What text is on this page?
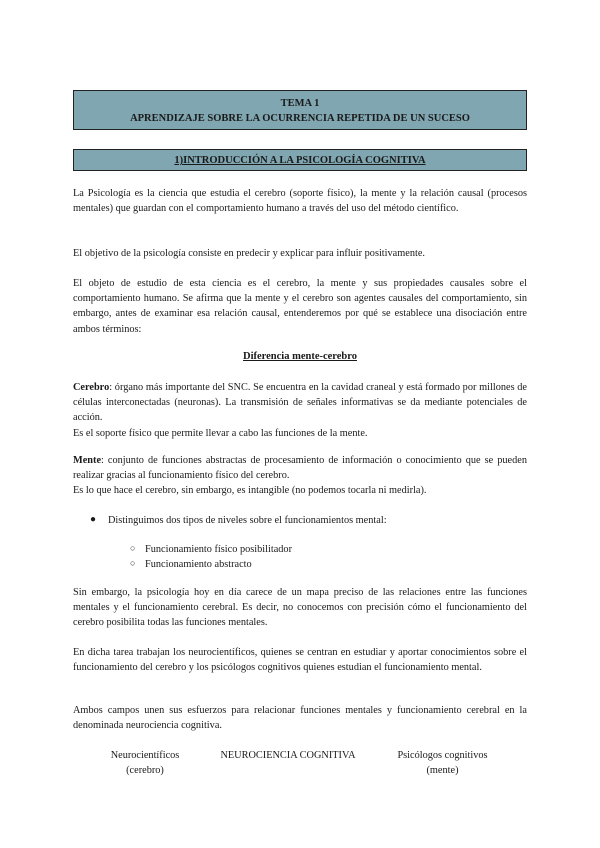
TEMA 1
APRENDIZAJE SOBRE LA OCURRENCIA REPETIDA DE UN SUCESO
1)INTRODUCCIÓN A LA PSICOLOGÍA COGNITIVA

La Psicología es la ciencia que estudia el cerebro (soporte físico), la mente y la relación causal (procesos mentales) que guardan con el comportamiento humano a través del uso del método científico.

El objetivo de la psicología consiste en predecir y explicar para influir positivamente.

El objeto de estudio de esta ciencia es el cerebro, la mente y sus propiedades causales sobre el comportamiento humano. Se afirma que la mente y el cerebro son agentes causales del comportamiento, sin embargo, antes de examinar esa relación causal, entenderemos por qué se establece una disociación entre ambos términos:

Diferencia mente-cerebro

Cerebro: órgano más importante del SNC. Se encuentra en la cavidad craneal y está formado por millones de células interconectadas (neuronas). La transmisión de señales informativas se da mediante potenciales de acción.
Es el soporte físico que permite llevar a cabo las funciones de la mente.

Mente: conjunto de funciones abstractas de procesamiento de información o conocimiento que se pueden realizar gracias al funcionamiento físico del cerebro.
Es lo que hace el cerebro, sin embargo, es intangible (no podemos tocarla ni medirla).

● Distinguimos dos tipos de niveles sobre el funcionamientos mental:
○ Funcionamiento físico posibilitador
○ Funcionamiento abstracto

Sin embargo, la psicología hoy en día carece de un mapa preciso de las relaciones entre las funciones mentales y el funcionamiento cerebral. Es decir, no conocemos con precisión cómo el funcionamiento del cerebro posibilita todas las funciones mentales.

En dicha tarea trabajan los neurocientíficos, quienes se centran en estudiar y aportar conocimientos sobre el funcionamiento del cerebro y los psicólogos cognitivos quienes estudian el funcionamiento mental.

Ambos campos unen sus esfuerzos para relacionar funciones mentales y funcionamiento cerebral en la denominada neurociencia cognitiva.

Neurocientíficos
(cerebro)
NEUROCIENCIA COGNITIVA	Psicólogos cognitivos
(mente)
